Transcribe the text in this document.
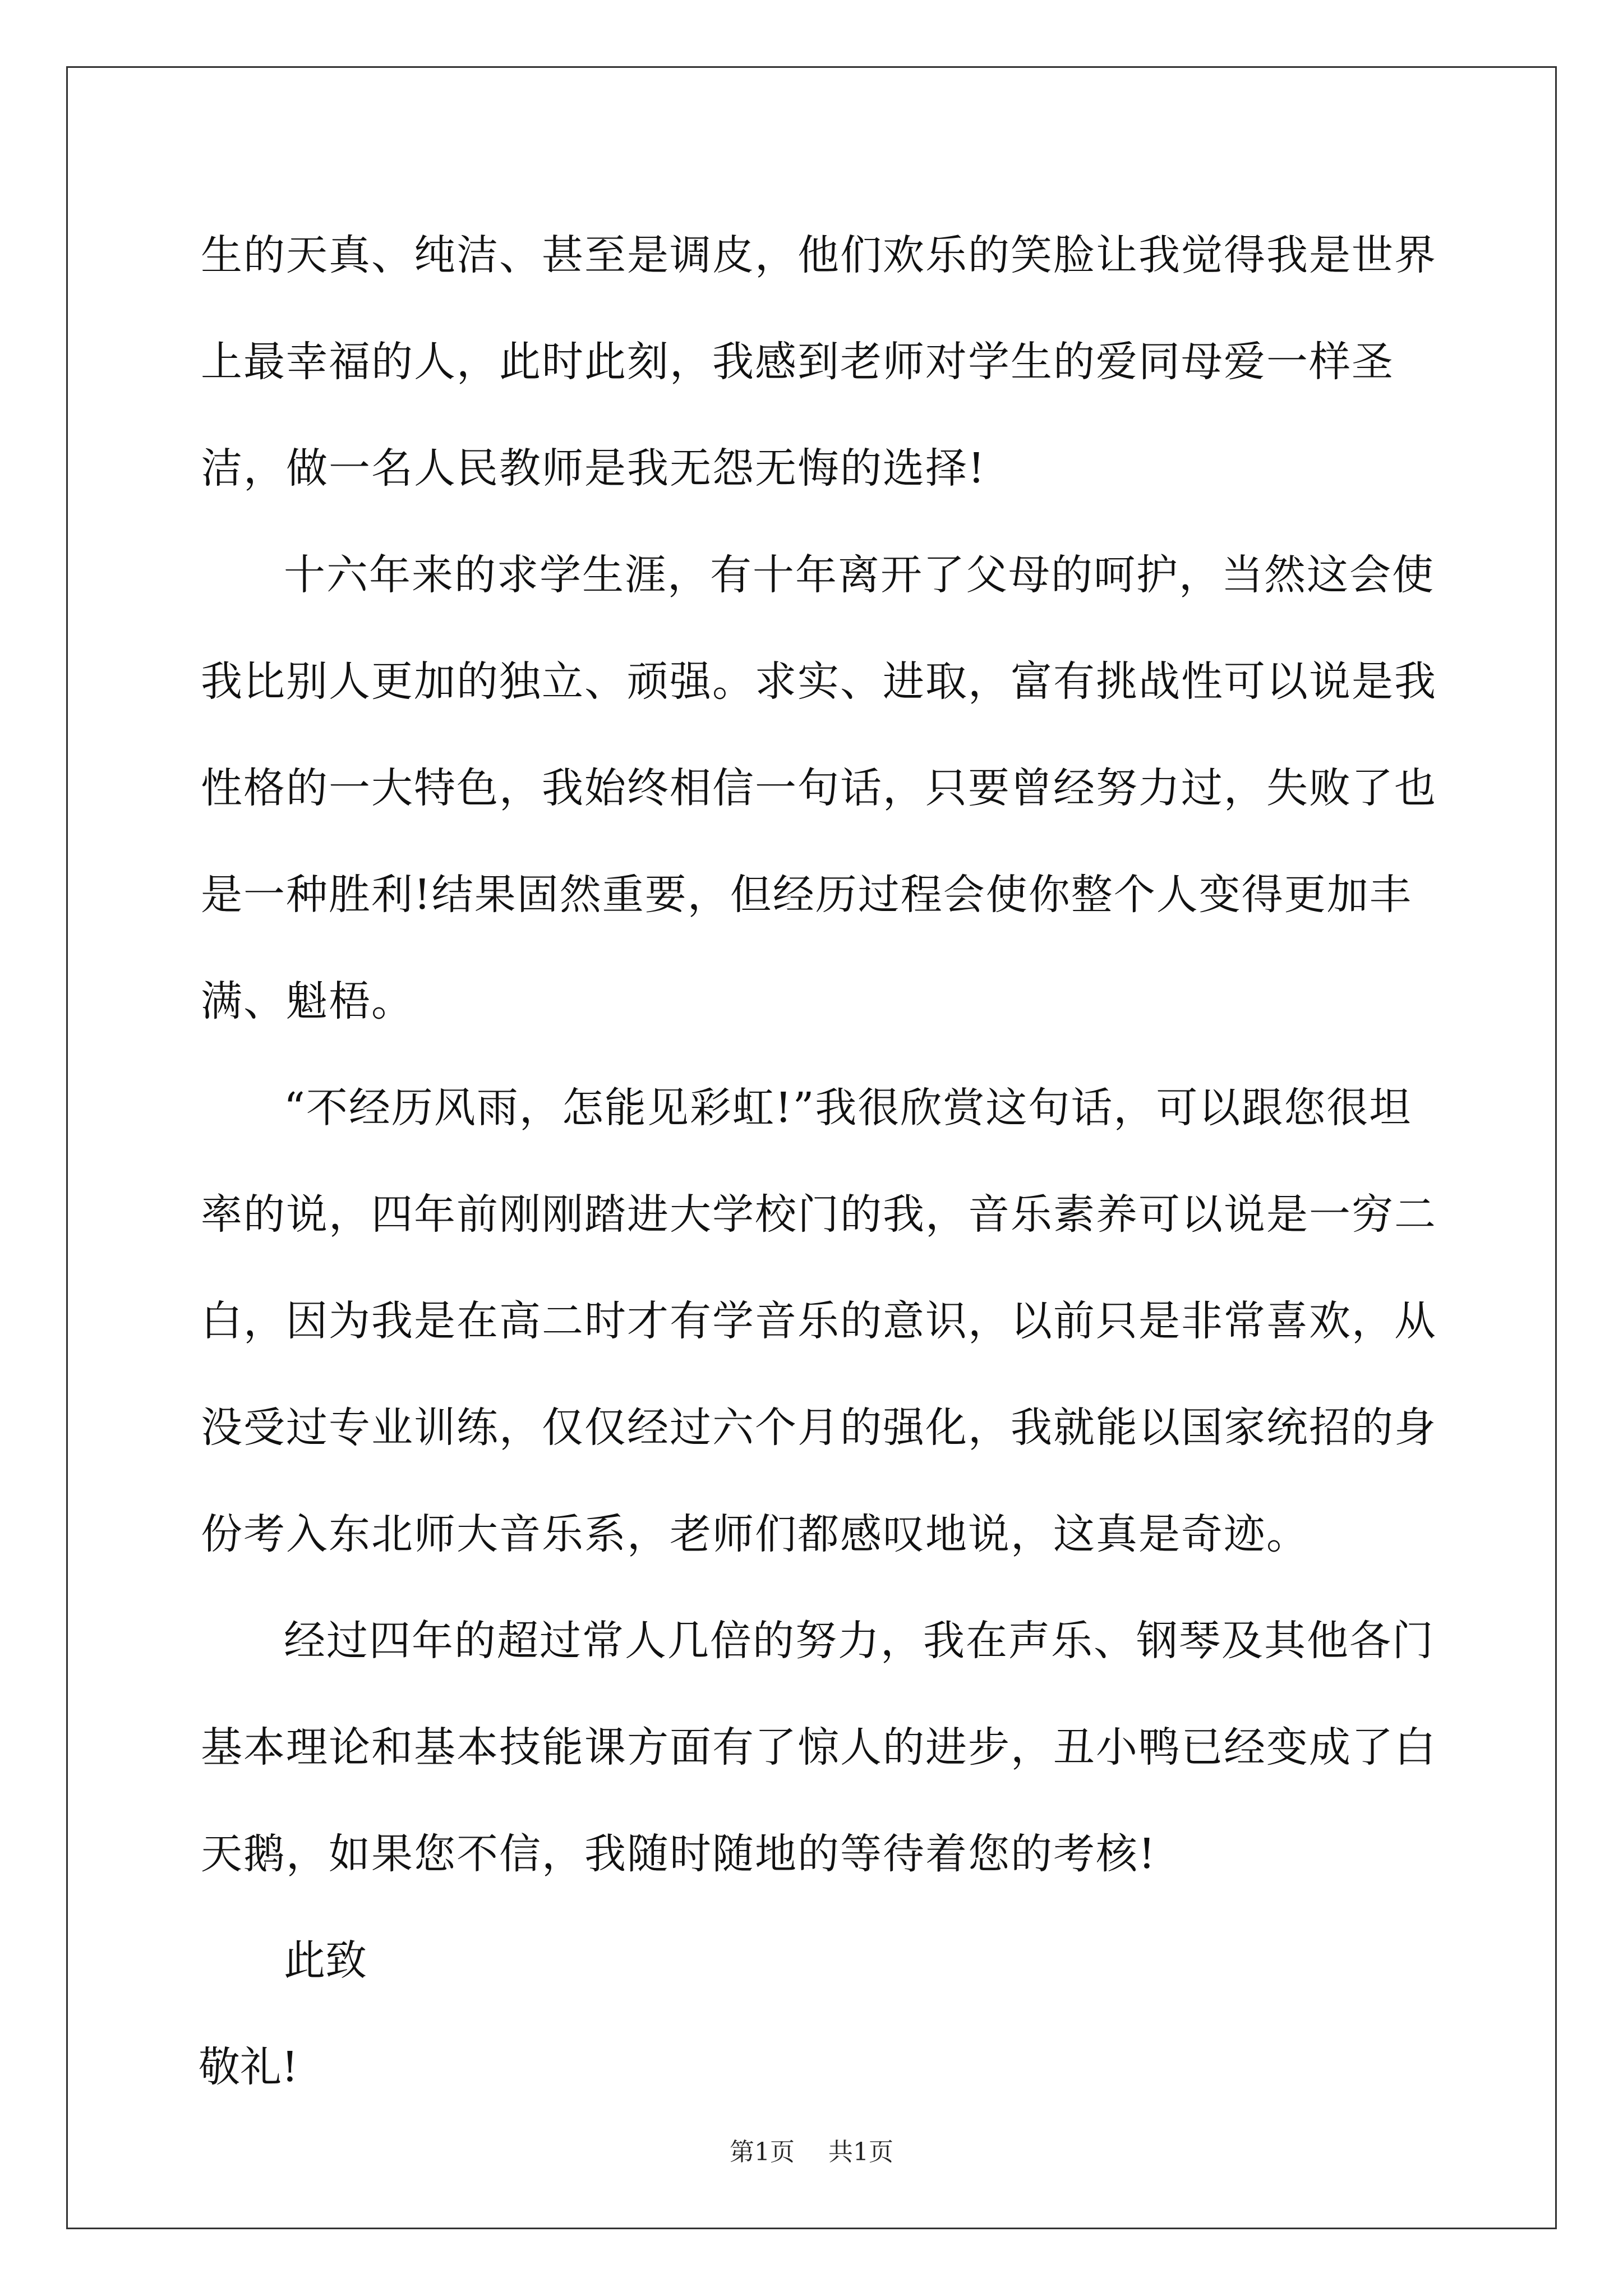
生的天真、纯洁、甚至是调皮，他们欢乐的笑脸让我觉得我是世界上最幸福的人，此时此刻，我感到老师对学生的爱同母爱一样圣洁，做一名人民教师是我无怨无悔的选择!

十六年来的求学生涯，有十年离开了父母的呵护，当然这会使我比别人更加的独立、顽强。求实、进取，富有挑战性可以说是我性格的一大特色，我始终相信一句话，只要曾经努力过，失败了也是一种胜利!结果固然重要，但经历过程会使你整个人变得更加丰满、魁梧。

“不经历风雨，怎能见彩虹!”我很欣赏这句话，可以跟您很坦率的说，四年前刚刚踏进大学校门的我，音乐素养可以说是一穷二白，因为我是在高二时才有学音乐的意识，以前只是非常喜欢，从没受过专业训练，仅仅经过六个月的强化，我就能以国家统招的身份考入东北师大音乐系，老师们都感叹地说，这真是奇迹。

经过四年的超过常人几倍的努力，我在声乐、钢琴及其他各门基本理论和基本技能课方面有了惊人的进步，丑小鸭已经变成了白天鹅，如果您不信，我随时随地的等待着您的考核!

此致

敬礼!

第1页 共1页
